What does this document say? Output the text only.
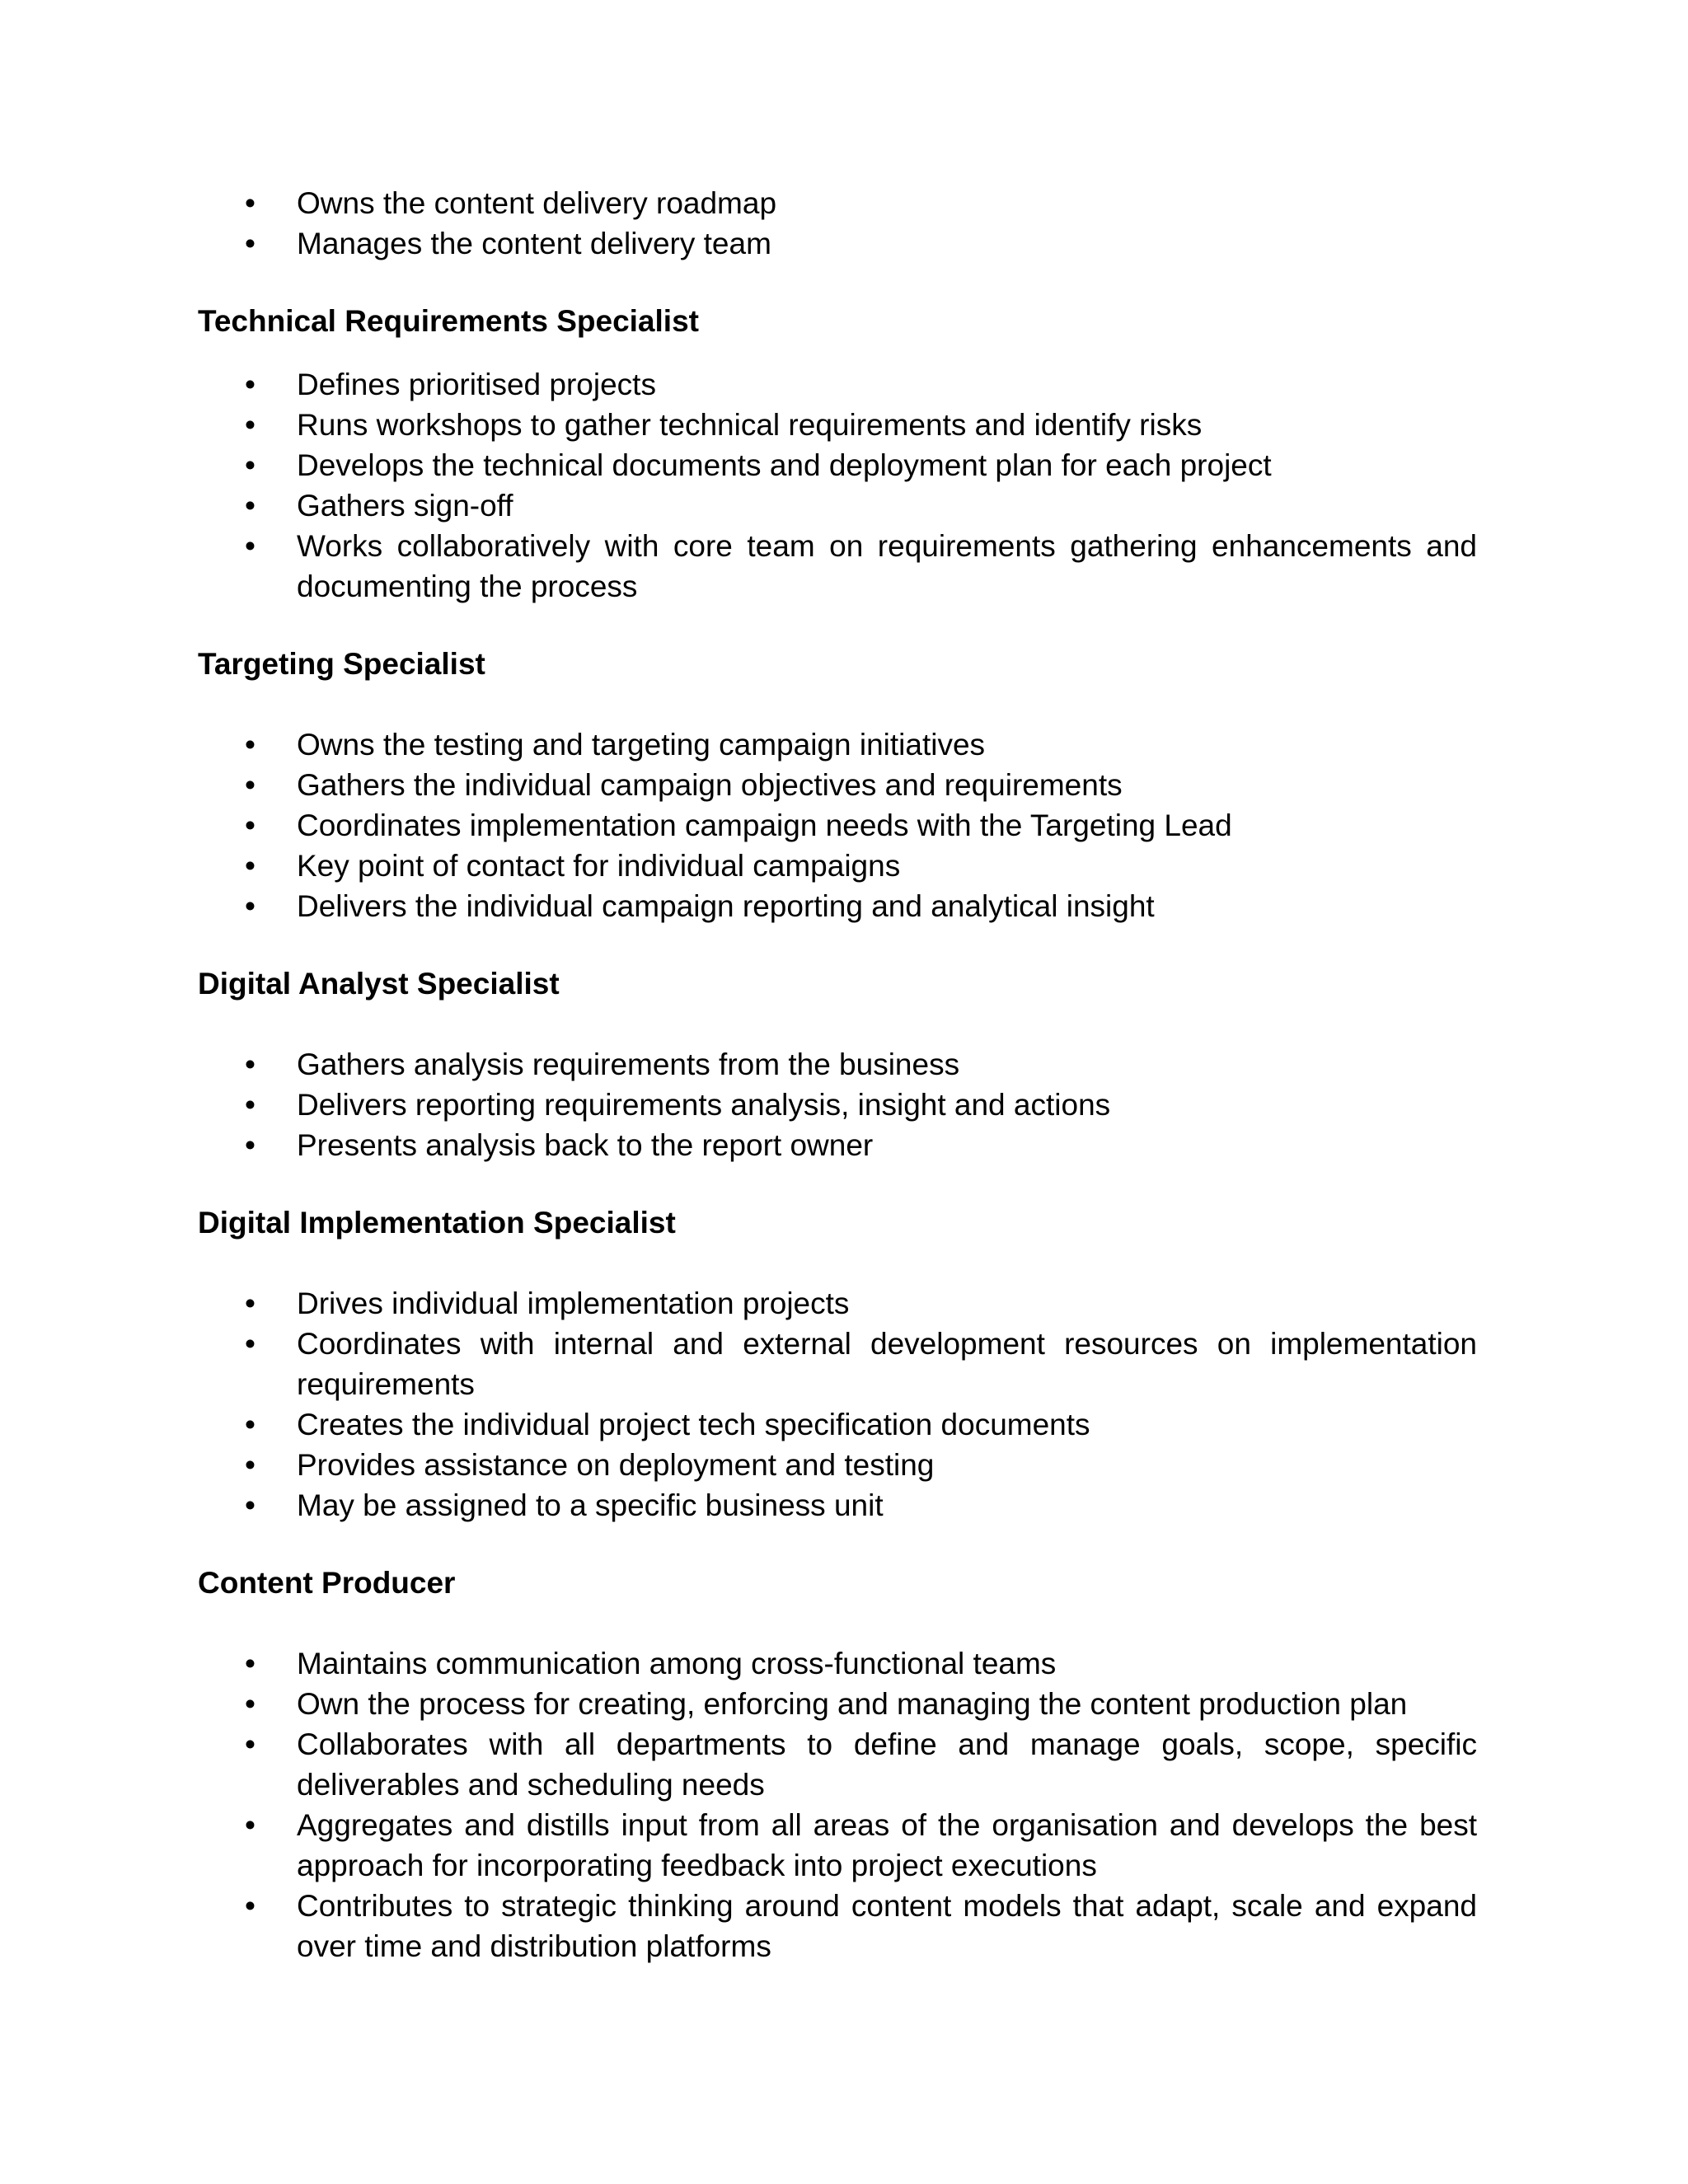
• Owns the content delivery roadmap
• Manages the content delivery team
Technical Requirements Specialist
• Defines prioritised projects
• Runs workshops to gather technical requirements and identify risks
• Develops the technical documents and deployment plan for each project
• Gathers sign-off
• Works collaboratively with core team on requirements gathering enhancements and documenting the process
Targeting Specialist
• Owns the testing and targeting campaign initiatives
• Gathers the individual campaign objectives and requirements
• Coordinates implementation campaign needs with the Targeting Lead
• Key point of contact for individual campaigns
• Delivers the individual campaign reporting and analytical insight
Digital Analyst Specialist
• Gathers analysis requirements from the business
• Delivers reporting requirements analysis, insight and actions
• Presents analysis back to the report owner
Digital Implementation Specialist
• Drives individual implementation projects
• Coordinates with internal and external development resources on implementation requirements
• Creates the individual project tech specification documents
• Provides assistance on deployment and testing
• May be assigned to a specific business unit
Content Producer
• Maintains communication among cross-functional teams
• Own the process for creating, enforcing and managing the content production plan
• Collaborates with all departments to define and manage goals, scope, specific deliverables and scheduling needs
• Aggregates and distills input from all areas of the organisation and develops the best approach for incorporating feedback into project executions
• Contributes to strategic thinking around content models that adapt, scale and expand over time and distribution platforms
